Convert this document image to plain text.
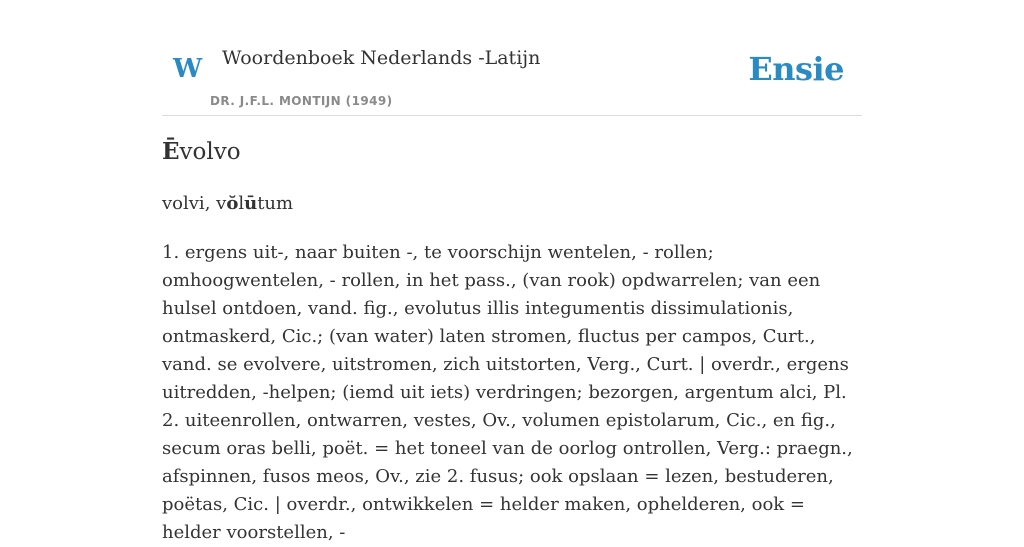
W Woordenboek Nederlands -Latijn
DR. J.F.L. MONTIJN (1949)
Ensie
Ēvolvo
volvi, vŏlūtum

1. ergens uit-, naar buiten -, te voorschijn wentelen, - rollen; omhoogwentelen, - rollen, in het pass., (van rook) opdwarrelen; van een hulsel ontdoen, vand. fig., evolutus illis integumentis dissimulationis, ontmaskerd, Cic.; (van water) laten stromen, fluctus per campos, Curt., vand. se evolvere, uitstromen, zich uitstorten, Verg., Curt. | overdr., ergens uitredden, -helpen; (iemd uit iets) verdringen; bezorgen, argentum alci, Pl.

2. uiteenrollen, ontwarren, vestes, Ov., volumen epistolarum, Cic., en fig., secum oras belli, poët. = het toneel van de oorlog ontrollen, Verg.: praegn., afspinnen, fusos meos, Ov., zie 2. fusus; ook opslaan = lezen, bestuderen, poëtas, Cic. | overdr., ontwikkelen = helder maken, ophelderen, ook = helder voorstellen, -
